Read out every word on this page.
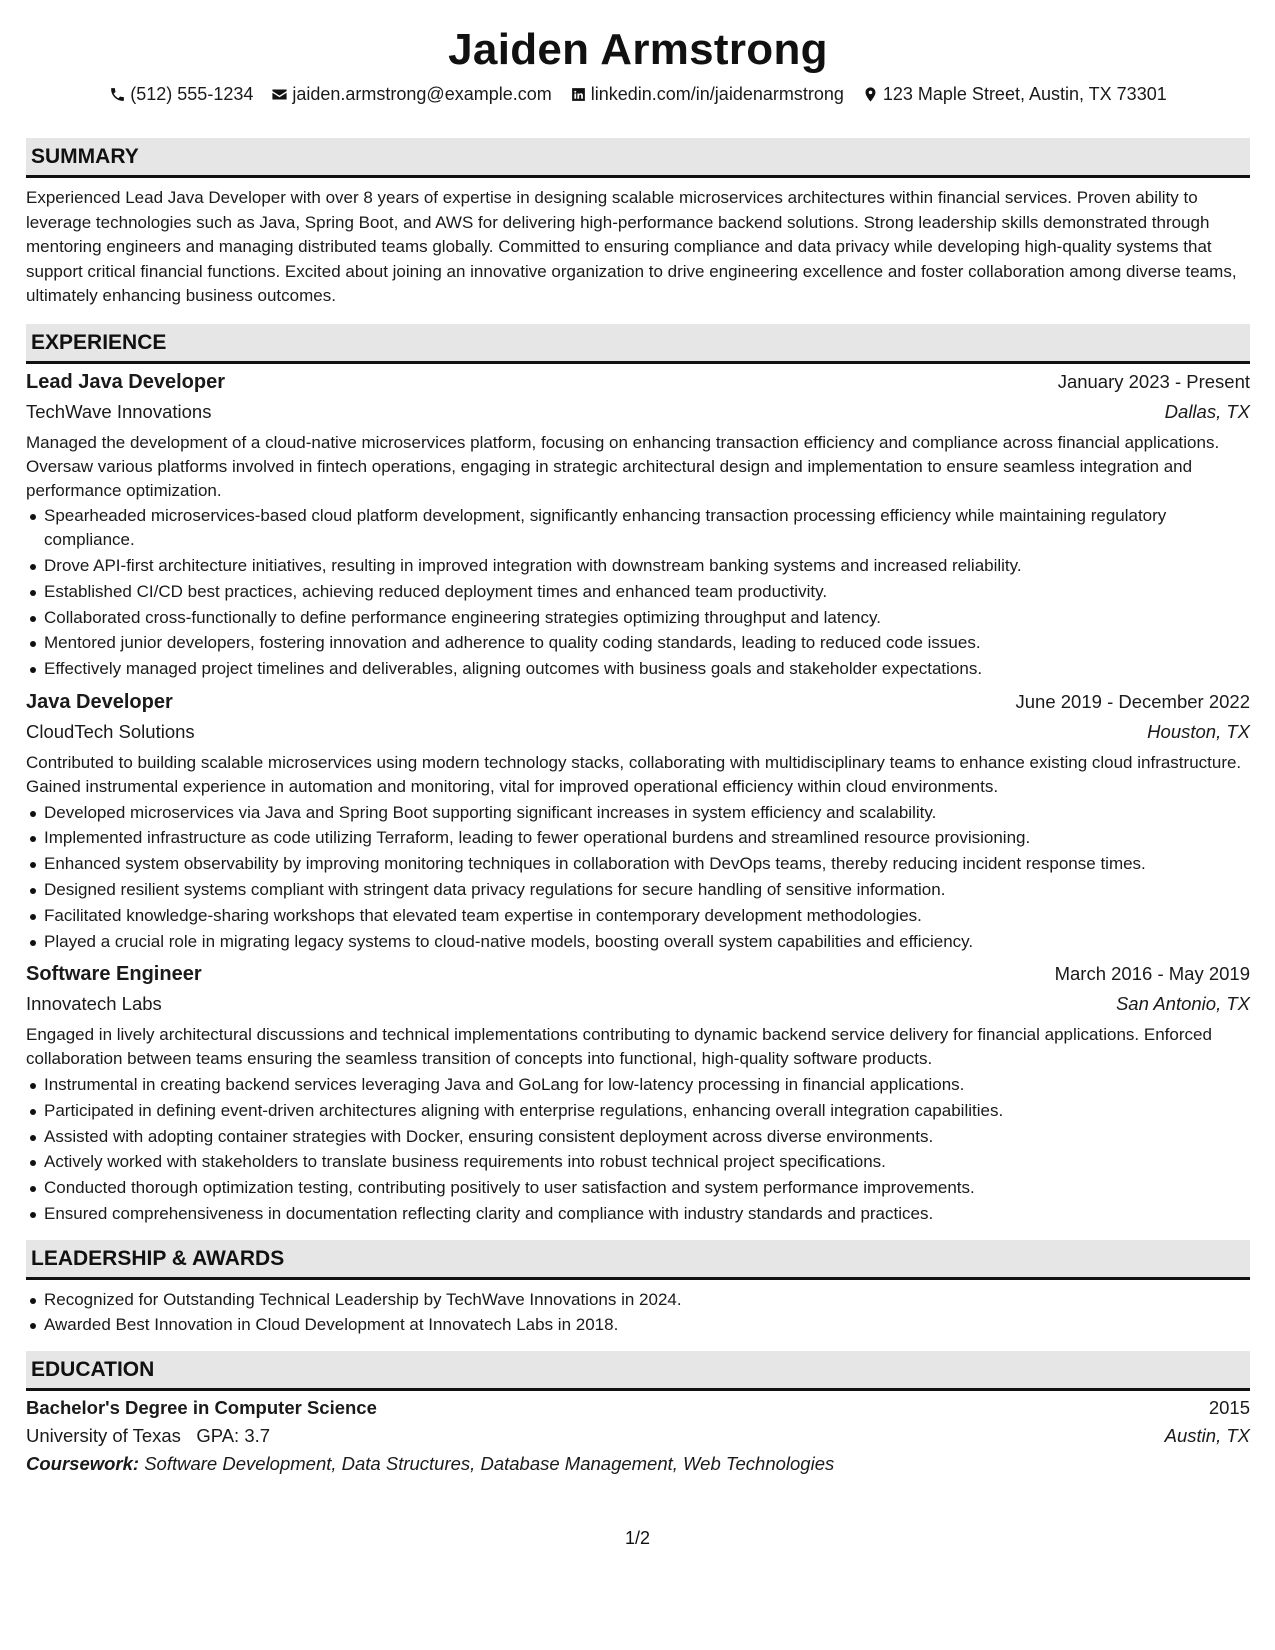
Jaiden Armstrong
(512) 555-1234 jaiden.armstrong@example.com linkedin.com/in/jaidenarmstrong 123 Maple Street, Austin, TX 73301
SUMMARY

Experienced Lead Java Developer with over 8 years of expertise in designing scalable microservices architectures within financial services. Proven ability to leverage technologies such as Java, Spring Boot, and AWS for delivering high-performance backend solutions. Strong leadership skills demonstrated through mentoring engineers and managing distributed teams globally. Committed to ensuring compliance and data privacy while developing high-quality systems that support critical financial functions. Excited about joining an innovative organization to drive engineering excellence and foster collaboration among diverse teams, ultimately enhancing business outcomes.

EXPERIENCE
Lead Java Developer	January 2023 - Present
TechWave Innovations	Dallas, TX

Managed the development of a cloud-native microservices platform, focusing on enhancing transaction efficiency and compliance across financial applications. Oversaw various platforms involved in fintech operations, engaging in strategic architectural design and implementation to ensure seamless integration and performance optimization.

Spearheaded microservices-based cloud platform development, significantly enhancing transaction processing efficiency while maintaining regulatory compliance.
Drove API-first architecture initiatives, resulting in improved integration with downstream banking systems and increased reliability.
Established CI/CD best practices, achieving reduced deployment times and enhanced team productivity.
Collaborated cross-functionally to define performance engineering strategies optimizing throughput and latency.
Mentored junior developers, fostering innovation and adherence to quality coding standards, leading to reduced code issues.
Effectively managed project timelines and deliverables, aligning outcomes with business goals and stakeholder expectations.
Java Developer	June 2019 - December 2022
CloudTech Solutions	Houston, TX

Contributed to building scalable microservices using modern technology stacks, collaborating with multidisciplinary teams to enhance existing cloud infrastructure. Gained instrumental experience in automation and monitoring, vital for improved operational efficiency within cloud environments.

Developed microservices via Java and Spring Boot supporting significant increases in system efficiency and scalability.
Implemented infrastructure as code utilizing Terraform, leading to fewer operational burdens and streamlined resource provisioning.
Enhanced system observability by improving monitoring techniques in collaboration with DevOps teams, thereby reducing incident response times.
Designed resilient systems compliant with stringent data privacy regulations for secure handling of sensitive information.
Facilitated knowledge-sharing workshops that elevated team expertise in contemporary development methodologies.
Played a crucial role in migrating legacy systems to cloud-native models, boosting overall system capabilities and efficiency.
Software Engineer	March 2016 - May 2019
Innovatech Labs	San Antonio, TX

Engaged in lively architectural discussions and technical implementations contributing to dynamic backend service delivery for financial applications. Enforced collaboration between teams ensuring the seamless transition of concepts into functional, high-quality software products.

Instrumental in creating backend services leveraging Java and GoLang for low-latency processing in financial applications.
Participated in defining event-driven architectures aligning with enterprise regulations, enhancing overall integration capabilities.
Assisted with adopting container strategies with Docker, ensuring consistent deployment across diverse environments.
Actively worked with stakeholders to translate business requirements into robust technical project specifications.
Conducted thorough optimization testing, contributing positively to user satisfaction and system performance improvements.
Ensured comprehensiveness in documentation reflecting clarity and compliance with industry standards and practices.
LEADERSHIP & AWARDS
Recognized for Outstanding Technical Leadership by TechWave Innovations in 2024.
Awarded Best Innovation in Cloud Development at Innovatech Labs in 2018.
EDUCATION
Bachelor's Degree in Computer Science	2015
University of Texas GPA: 3.7	Austin, TX
Coursework: Software Development, Data Structures, Database Management, Web Technologies
1/2
